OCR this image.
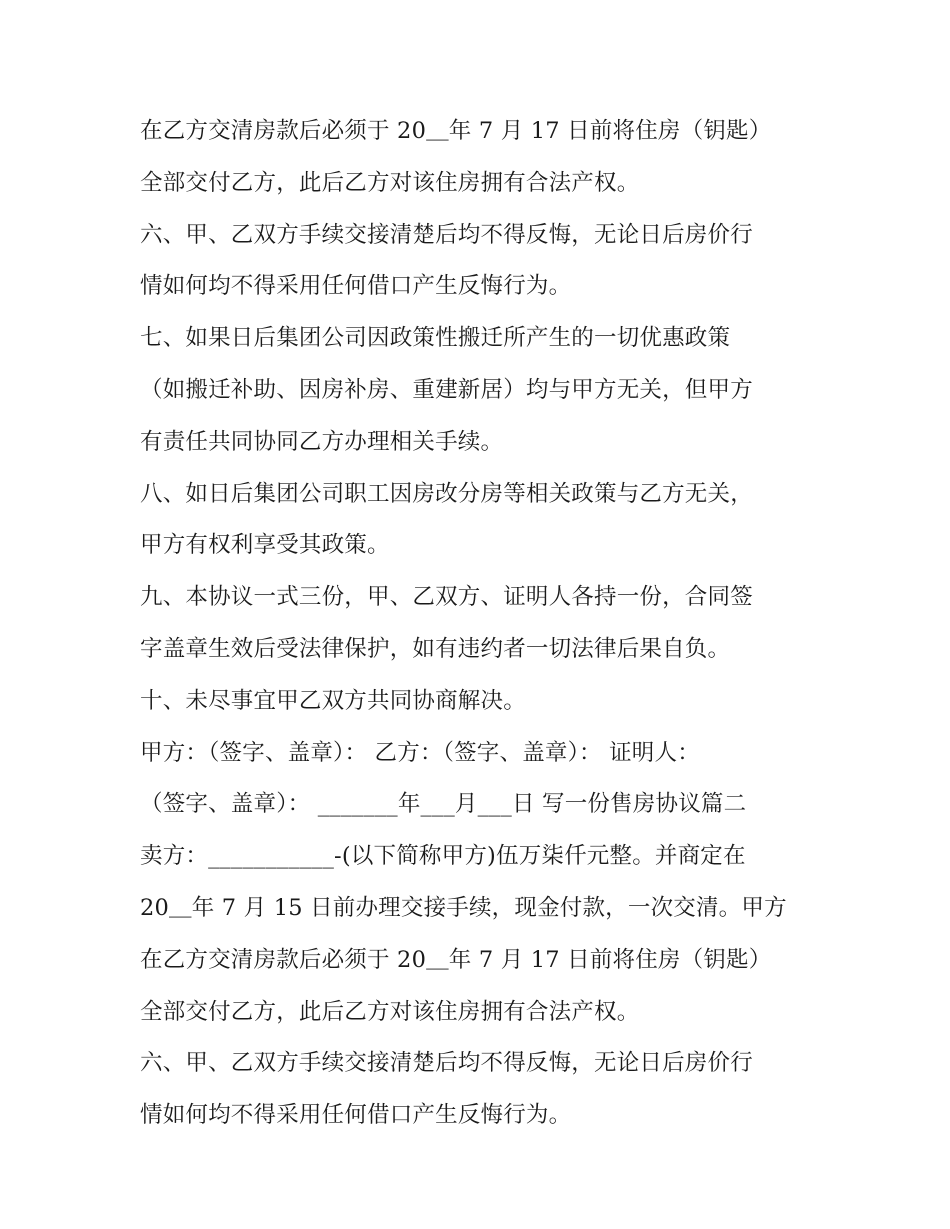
在乙方交清房款后必须于 20＿年 7 月 17 日前将住房（钥匙）
全部交付乙方，此后乙方对该住房拥有合法产权。
六、甲、乙双方手续交接清楚后均不得反悔，无论日后房价行
情如何均不得采用任何借口产生反悔行为。
七、如果日后集团公司因政策性搬迁所产生的一切优惠政策
（如搬迁补助、因房补房、重建新居）均与甲方无关，但甲方
有责任共同协同乙方办理相关手续。
八、如日后集团公司职工因房改分房等相关政策与乙方无关，
甲方有权利享受其政策。
九、本协议一式三份，甲、乙双方、证明人各持一份，合同签
字盖章生效后受法律保护，如有违约者一切法律后果自负。
十、未尽事宜甲乙双方共同协商解决。
甲方：（签字、盖章）： 乙方：（签字、盖章）： 证明人：
（签字、盖章）： _______年___月___日 写一份售房协议篇二
卖方：___________-(以下简称甲方)伍万柒仟元整。并商定在
20＿年 7 月 15 日前办理交接手续，现金付款，一次交清。甲方
在乙方交清房款后必须于 20＿年 7 月 17 日前将住房（钥匙）
全部交付乙方，此后乙方对该住房拥有合法产权。
六、甲、乙双方手续交接清楚后均不得反悔，无论日后房价行
情如何均不得采用任何借口产生反悔行为。
